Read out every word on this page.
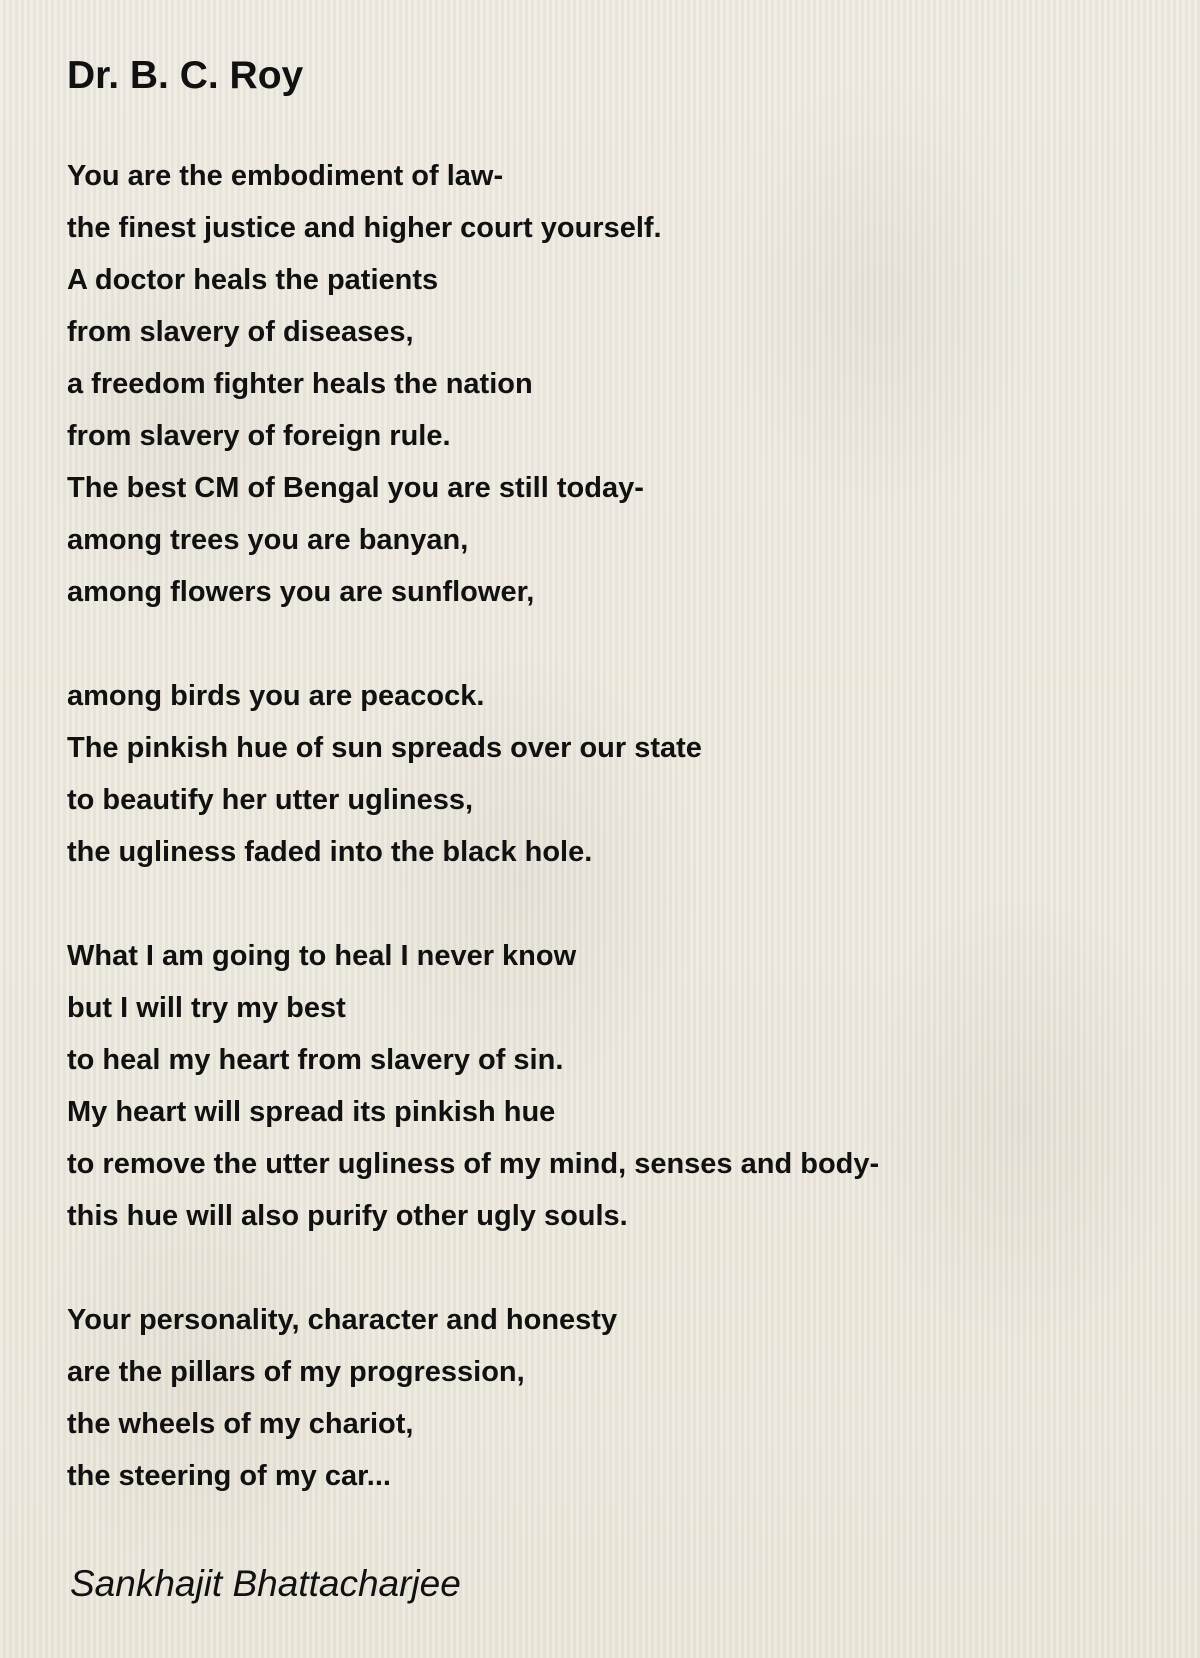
Dr. B. C. Roy
You are the embodiment of law-
the finest justice and higher court yourself.
A doctor heals the patients
from slavery of diseases,
a freedom fighter heals the nation
from slavery of foreign rule.
The best CM of Bengal you are still today-
among trees you are banyan,
among flowers you are sunflower,
among birds you are peacock.
The pinkish hue of sun spreads over our state
to beautify her utter ugliness,
the ugliness faded into the black hole.
What I am going to heal I never know
but I will try my best
to heal my heart from slavery of sin.
My heart will spread its pinkish hue
to remove the utter ugliness of my mind, senses and body-
this hue will also purify other ugly souls.
Your personality, character and honesty
are the pillars of my progression,
the wheels of my chariot,
the steering of my car...

Sankhajit Bhattacharjee
